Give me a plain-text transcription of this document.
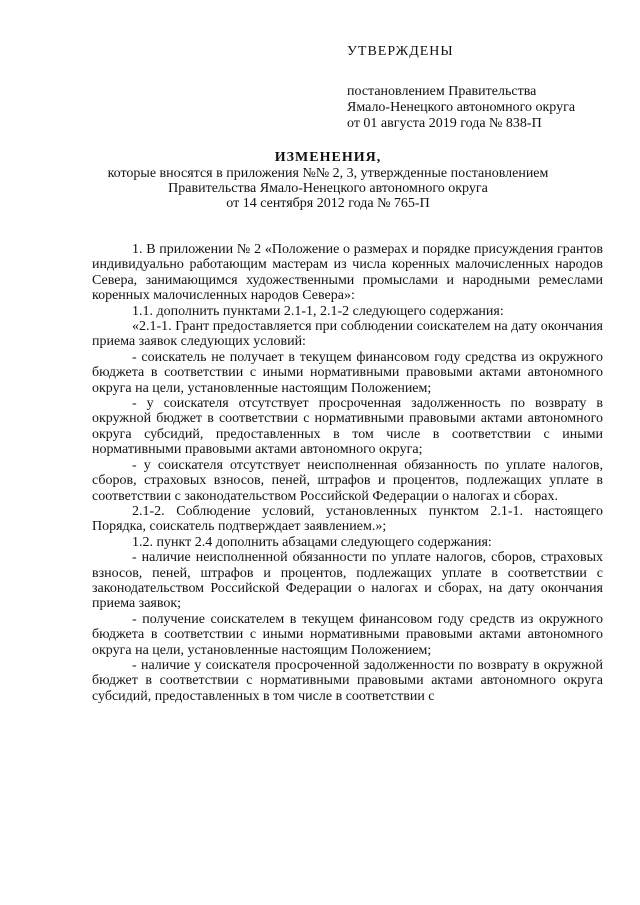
УТВЕРЖДЕНЫ
постановлением Правительства
Ямало-Ненецкого автономного округа
от 01 августа 2019 года № 838-П
ИЗМЕНЕНИЯ,
которые вносятся в приложения №№ 2, 3, утвержденные постановлением
Правительства Ямало-Ненецкого автономного округа
от 14 сентября 2012 года № 765-П

1. В приложении № 2 «Положение о размерах и порядке присуждения грантов индивидуально работающим мастерам из числа коренных малочисленных народов Севера, занимающимся художественными промыслами и народными ремеслами коренных малочисленных народов Севера»:

1.1. дополнить пунктами 2.1-1, 2.1-2 следующего содержания:

«2.1-1. Грант предоставляется при соблюдении соискателем на дату окончания приема заявок следующих условий:

- соискатель не получает в текущем финансовом году средства из окружного бюджета в соответствии с иными нормативными правовыми актами автономного округа на цели, установленные настоящим Положением;

- у соискателя отсутствует просроченная задолженность по возврату в окружной бюджет в соответствии с нормативными правовыми актами автономного округа субсидий, предоставленных в том числе в соответствии с иными нормативными правовыми актами автономного округа;

- у соискателя отсутствует неисполненная обязанность по уплате налогов, сборов, страховых взносов, пеней, штрафов и процентов, подлежащих уплате в соответствии с законодательством Российской Федерации о налогах и сборах.

2.1-2. Соблюдение условий, установленных пунктом 2.1-1. настоящего Порядка, соискатель подтверждает заявлением.»;

1.2. пункт 2.4 дополнить абзацами следующего содержания:

- наличие неисполненной обязанности по уплате налогов, сборов, страховых взносов, пеней, штрафов и процентов, подлежащих уплате в соответствии с законодательством Российской Федерации о налогах и сборах, на дату окончания приема заявок;

- получение соискателем в текущем финансовом году средств из окружного бюджета в соответствии с иными нормативными правовыми актами автономного округа на цели, установленные настоящим Положением;

- наличие у соискателя просроченной задолженности по возврату в окружной бюджет в соответствии с нормативными правовыми актами автономного округа субсидий, предоставленных в том числе в соответствии с
